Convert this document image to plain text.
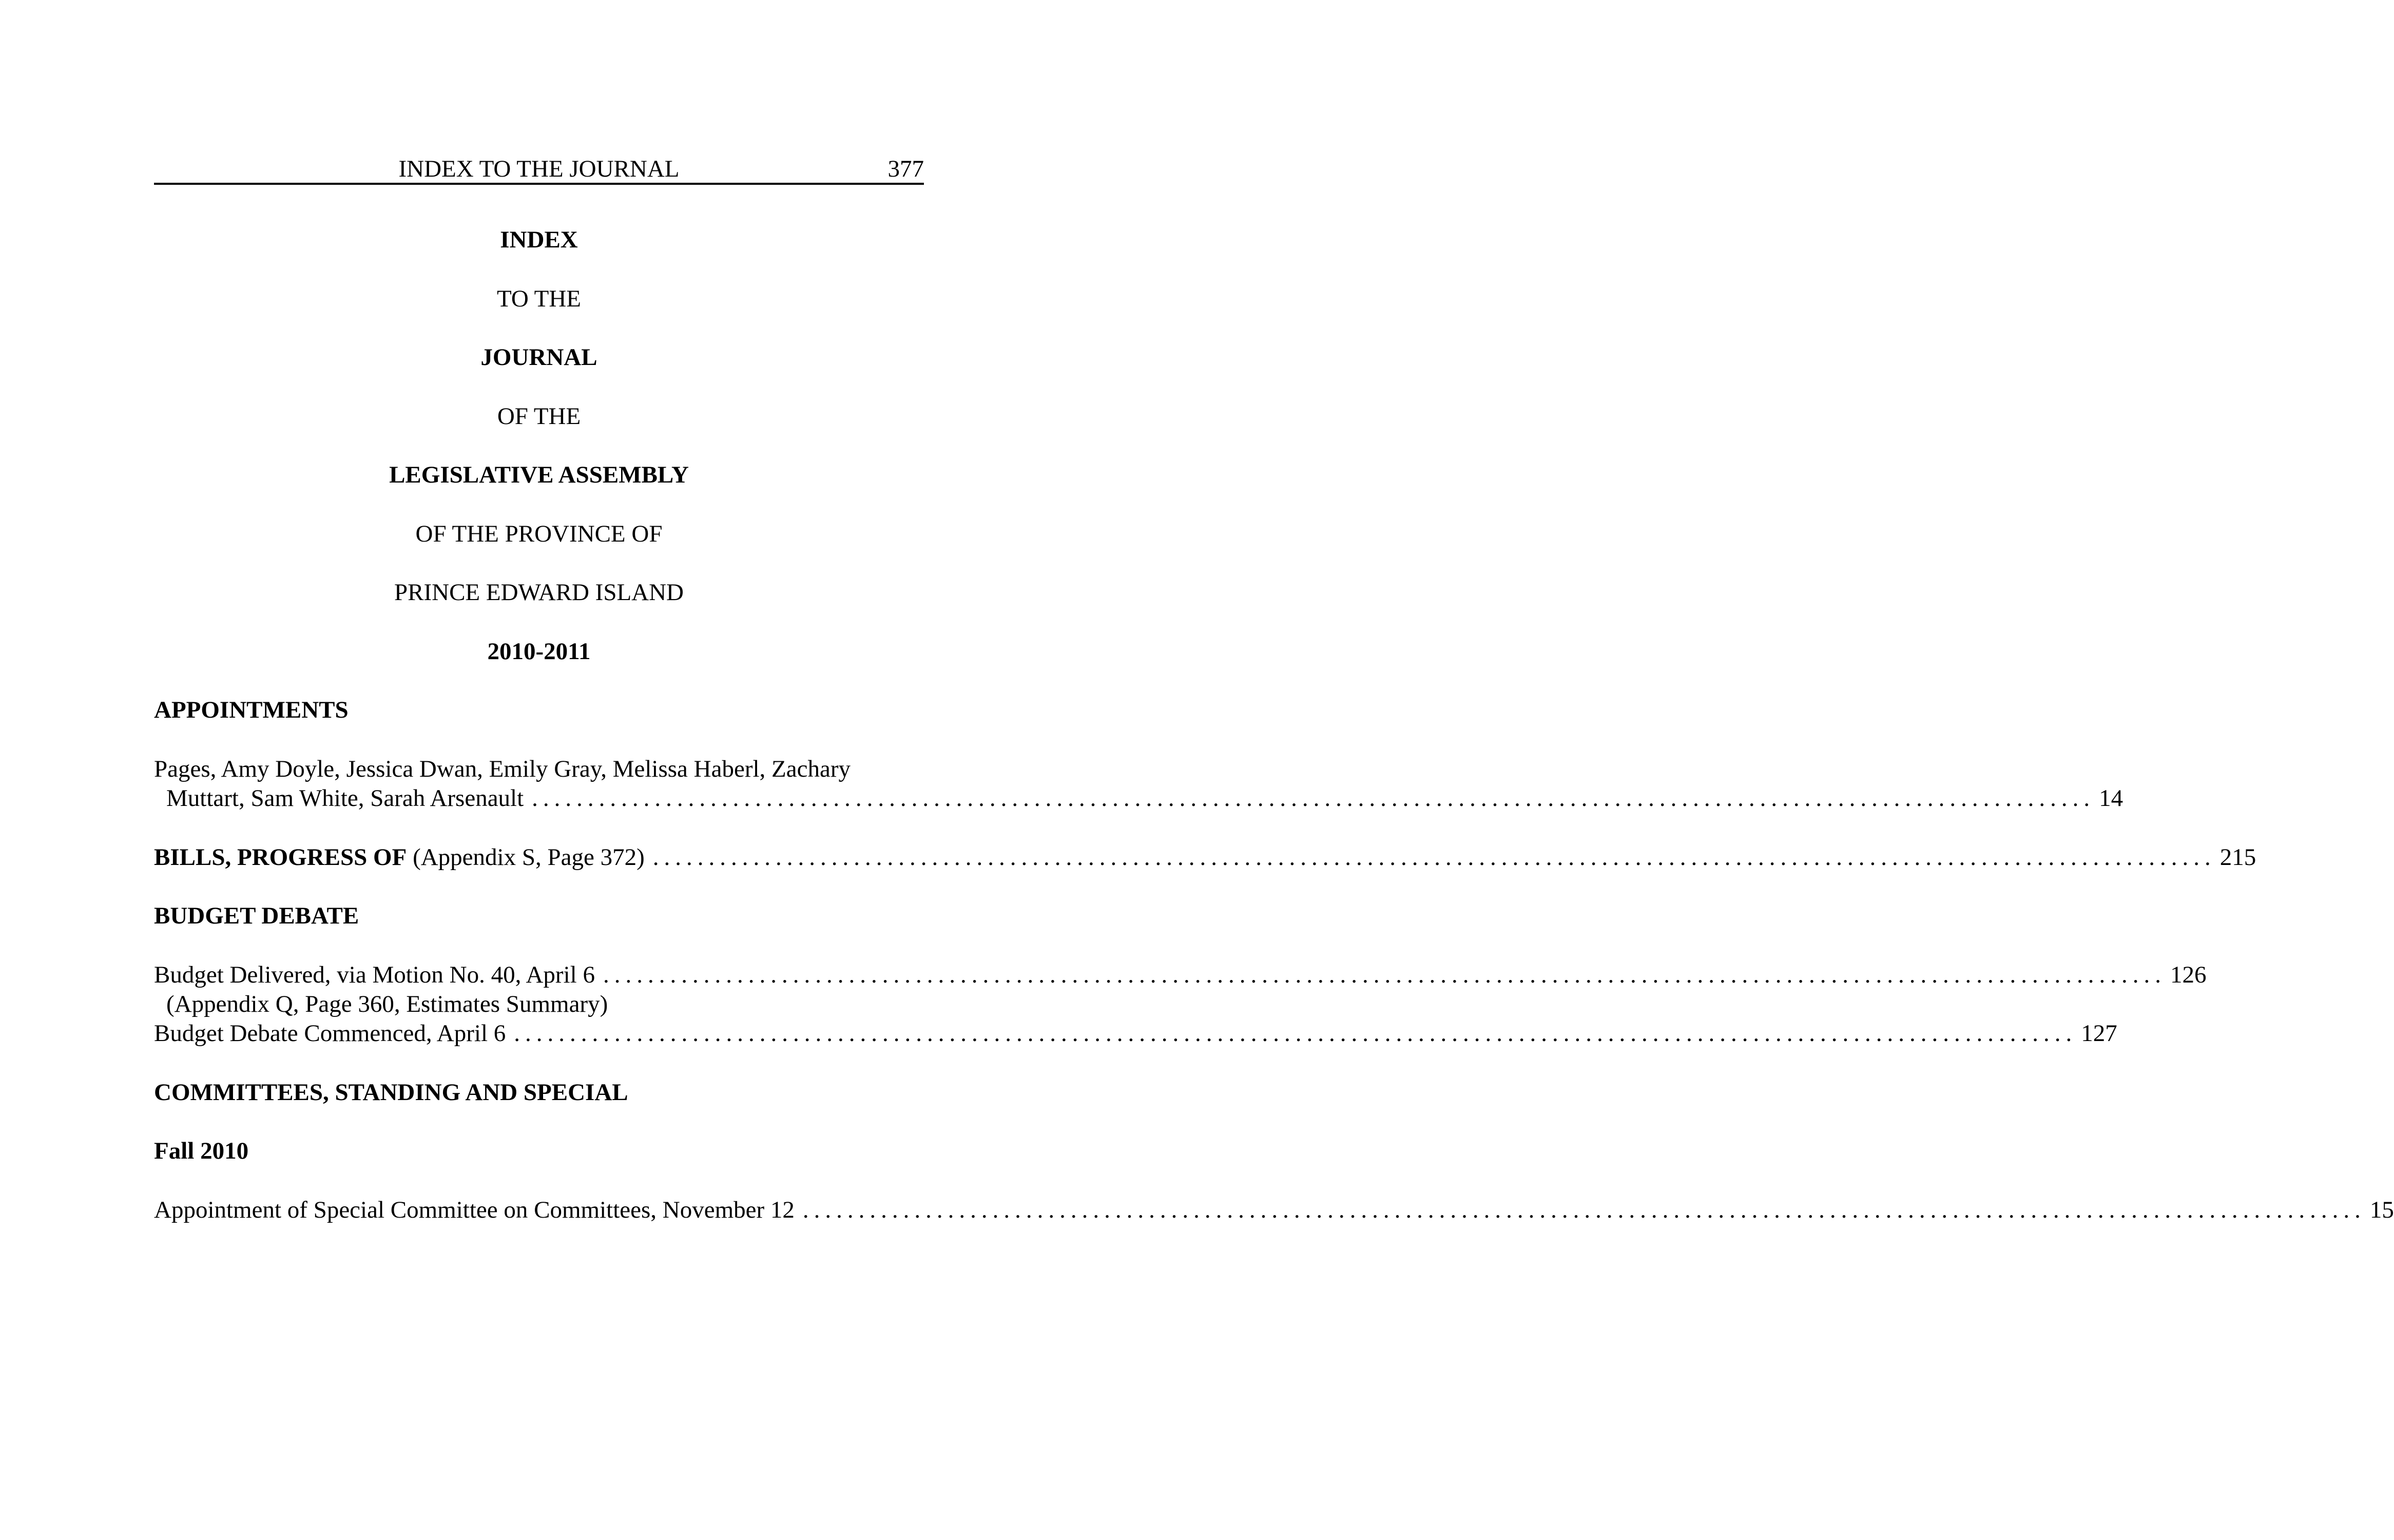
INDEX TO THE JOURNAL	377
INDEX
TO THE
JOURNAL
OF THE
LEGISLATIVE ASSEMBLY
OF THE PROVINCE OF
PRINCE EDWARD ISLAND
2010-2011
APPOINTMENTS
Pages, Amy Doyle, Jessica Dwan, Emily Gray, Melissa Haberl, Zachary
Muttart, Sam White, Sarah Arsenault ............................................................................................................................................ 14
BILLS, PROGRESS OF (Appendix S, Page 372) ............................................................................................................................................ 215
BUDGET DEBATE
Budget Delivered, via Motion No. 40, April 6 ............................................................................................................................................ 126
(Appendix Q, Page 360, Estimates Summary)
Budget Debate Commenced, April 6 ............................................................................................................................................ 127
COMMITTEES, STANDING AND SPECIAL
Fall 2010
Appointment of Special Committee on Committees, November 12 ............................................................................................................................................ 15
